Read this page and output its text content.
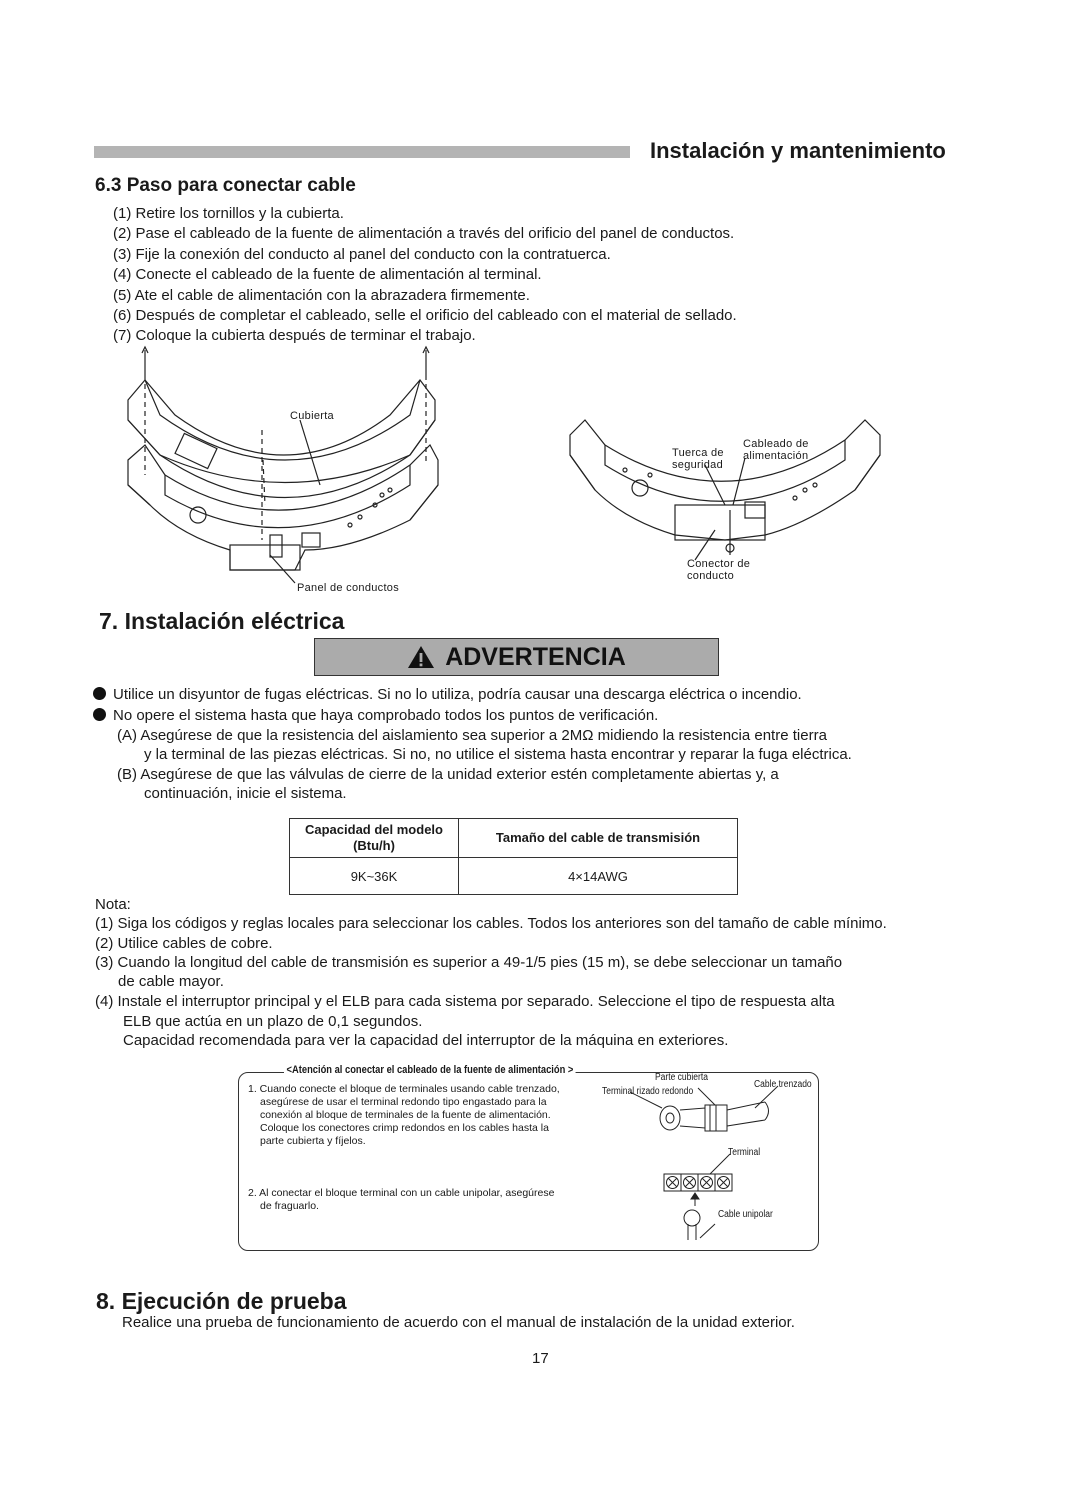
Instalación y mantenimiento
6.3 Paso para conectar cable
(1) Retire los tornillos y la cubierta.
(2) Pase el cableado de la fuente de alimentación a través del orificio del panel de conductos.
(3) Fije la conexión del conducto al panel del conducto con la contratuerca.
(4) Conecte el cableado de la fuente de alimentación al terminal.
(5) Ate el cable de alimentación con la abrazadera firmemente.
(6) Después de completar el cableado, selle el orificio del cableado con el material de sellado.
(7) Coloque la cubierta después de terminar el trabajo.
Cubierta
Panel de conductos
Tuerca de
seguridad
Cableado de
alimentación
Conector de
conducto
7. Instalación eléctrica
ADVERTENCIA
Utilice un disyuntor de fugas eléctricas. Si no lo utiliza, podría causar una descarga eléctrica o incendio.
No opere el sistema hasta que haya comprobado todos los puntos de verificación.
(A) Asegúrese de que la resistencia del aislamiento sea superior a 2MΩ midiendo la resistencia entre tierra
y la terminal de las piezas eléctricas. Si no, no utilice el sistema hasta encontrar y reparar la fuga eléctrica.
(B) Asegúrese de que las válvulas de cierre de la unidad exterior estén completamente abiertas y, a
continuación, inicie el sistema.
Capacidad del modelo
(Btu/h)	Tamaño del cable de transmisión
9K~36K	4×14AWG
Nota:
(1) Siga los códigos y reglas locales para seleccionar los cables. Todos los anteriores son del tamaño de cable mínimo.
(2) Utilice cables de cobre.
(3) Cuando la longitud del cable de transmisión es superior a 49-1/5 pies (15 m), se debe seleccionar un tamaño
de cable mayor.
(4) Instale el interruptor principal y el ELB para cada sistema por separado. Seleccione el tipo de respuesta alta
ELB que actúa en un plazo de 0,1 segundos.
Capacidad recomendada para ver la capacidad del interruptor de la máquina en exteriores.
<Atención al conectar el cableado de la fuente de alimentación >
1. Cuando conecte el bloque de terminales usando cable trenzado,
asegúrese de usar el terminal redondo tipo engastado para la
conexión al bloque de terminales de la fuente de alimentación.
Coloque los conectores crimp redondos en los cables hasta la
parte cubierta y fíjelos.
2. Al conectar el bloque terminal con un cable unipolar, asegúrese
de fraguarlo.
Parte cubierta
Terminal rizado redondo
Cable trenzado
Terminal
Cable unipolar
8. Ejecución de prueba
Realice una prueba de funcionamiento de acuerdo con el manual de instalación de la unidad exterior.
17
